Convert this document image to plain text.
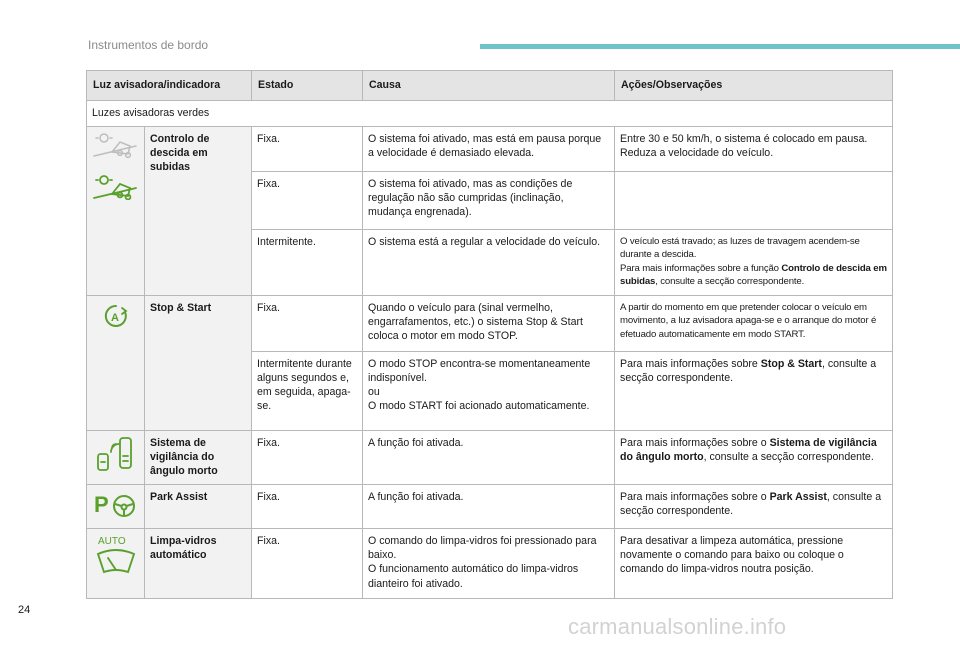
Instrumentos de bordo
Luz avisadora/indicadora		Estado	Causa	Ações/Observações
Luzes avisadoras verdes				

	Controlo de descida em subidas	Fixa.	O sistema foi ativado, mas está em pausa porque a velocidade é demasiado elevada.	Entre 30 e 50 km/h, o sistema é colocado em pausa. Reduza a velocidade do veículo.
		Fixa.	O sistema foi ativado, mas as condições de regulação não são cumpridas (inclinação, mudança engrenada).	
		Intermitente.	O sistema está a regular a velocidade do veículo.	O veículo está travado; as luzes de travagem acendem-se durante a descida.
Para mais informações sobre a função Controlo de descida em subidas, consulte a secção correspondente.

A	Stop & Start	Fixa.	Quando o veículo para (sinal vermelho, engarrafamentos, etc.) o sistema Stop & Start coloca o motor em modo STOP.	A partir do momento em que pretender colocar o veículo em movimento, a luz avisadora apaga-se e o arranque do motor é efetuado automaticamente em modo START.
		Intermitente durante alguns segundos e, em seguida, apaga-se.	O modo STOP encontra-se momentaneamente indisponível.
ou
O modo START foi acionado automaticamente.	Para mais informações sobre Stop & Start, consulte a secção correspondente.

	Sistema de vigilância do ângulo morto	Fixa.	A função foi ativada.	Para mais informações sobre o Sistema de vigilância do ângulo morto, consulte a secção correspondente.

P	Park Assist	Fixa.	A função foi ativada.	Para mais informações sobre o Park Assist, consulte a secção correspondente.

AUTO	Limpa-vidros automático	Fixa.	O comando do limpa-vidros foi pressionado para baixo.
O funcionamento automático do limpa-vidros dianteiro foi ativado.	Para desativar a limpeza automática, pressione novamente o comando para baixo ou coloque o comando do limpa-vidros noutra posição.
24
carmanualsonline.info
